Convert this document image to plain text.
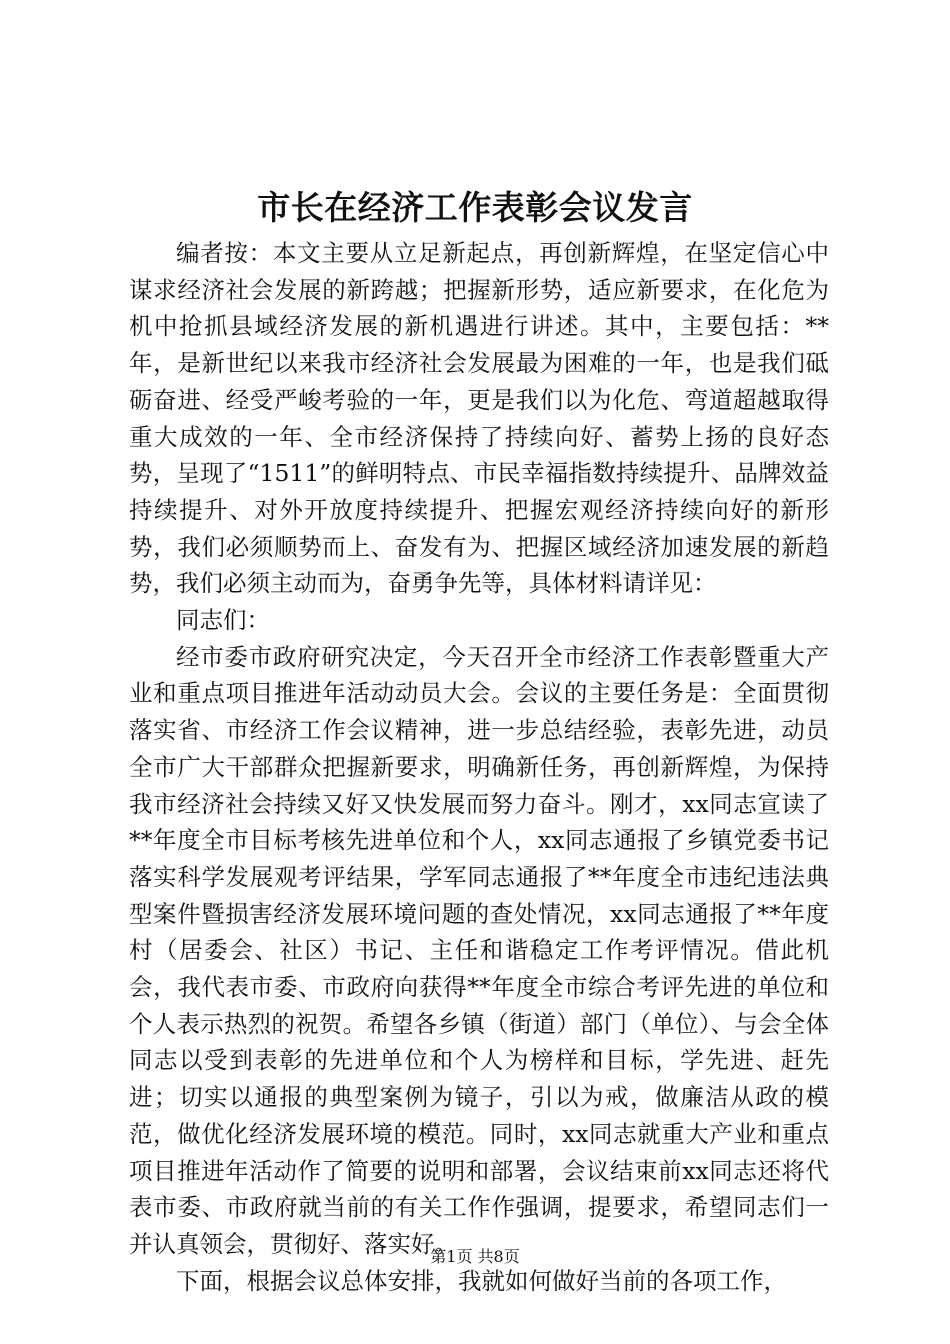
市长在经济工作表彰会议发言

编者按：本文主要从立足新起点，再创新辉煌，在坚定信心中谋求经济社会发展的新跨越；把握新形势，适应新要求，在化危为机中抢抓县域经济发展的新机遇进行讲述。其中，主要包括：**年，是新世纪以来我市经济社会发展最为困难的一年，也是我们砥砺奋进、经受严峻考验的一年，更是我们以为化危、弯道超越取得重大成效的一年、全市经济保持了持续向好、蓄势上扬的良好态势，呈现了“1511”的鲜明特点、市民幸福指数持续提升、品牌效益持续提升、对外开放度持续提升、把握宏观经济持续向好的新形势，我们必须顺势而上、奋发有为、把握区域经济加速发展的新趋势，我们必须主动而为，奋勇争先等，具体材料请详见：

同志们：

经市委市政府研究决定，今天召开全市经济工作表彰暨重大产业和重点项目推进年活动动员大会。会议的主要任务是：全面贯彻落实省、市经济工作会议精神，进一步总结经验，表彰先进，动员全市广大干部群众把握新要求，明确新任务，再创新辉煌，为保持我市经济社会持续又好又快发展而努力奋斗。刚才，xx同志宣读了**年度全市目标考核先进单位和个人，xx同志通报了乡镇党委书记落实科学发展观考评结果，学军同志通报了**年度全市违纪违法典型案件暨损害经济发展环境问题的查处情况，xx同志通报了**年度村（居委会、社区）书记、主任和谐稳定工作考评情况。借此机会，我代表市委、市政府向获得**年度全市综合考评先进的单位和个人表示热烈的祝贺。希望各乡镇（街道）部门（单位）、与会全体同志以受到表彰的先进单位和个人为榜样和目标，学先进、赶先进；切实以通报的典型案例为镜子，引以为戒，做廉洁从政的模范，做优化经济发展环境的模范。同时，xx同志就重大产业和重点项目推进年活动作了简要的说明和部署，会议结束前xx同志还将代表市委、市政府就当前的有关工作作强调，提要求，希望同志们一并认真领会，贯彻好、落实好。

下面，根据会议总体安排，我就如何做好当前的各项工作，

第1页 共8页
